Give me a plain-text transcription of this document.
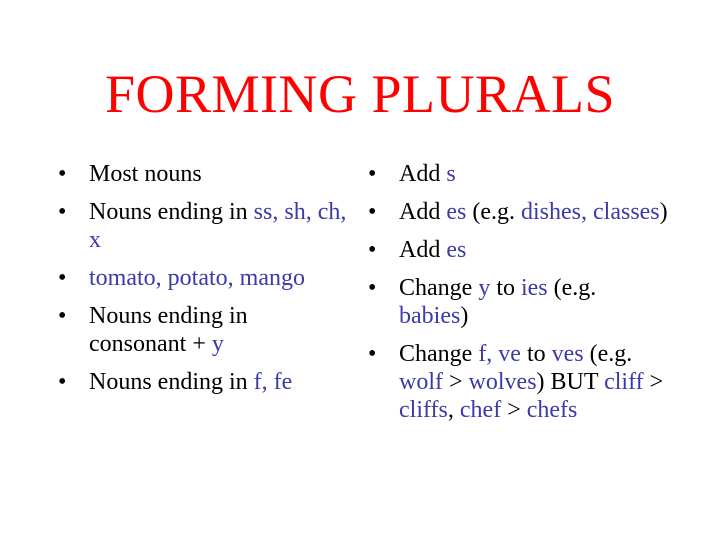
FORMING PLURALS
• Most nouns
• Nouns ending in ss, sh, ch, x
• tomato, potato, mango
• Nouns ending in consonant + y
• Nouns ending in f, fe
• Add s
• Add es (e.g. dishes, classes)
• Add es
• Change y to ies (e.g. babies)
• Change f, ve to ves (e.g. wolf > wolves) BUT cliff > cliffs, chef > chefs
